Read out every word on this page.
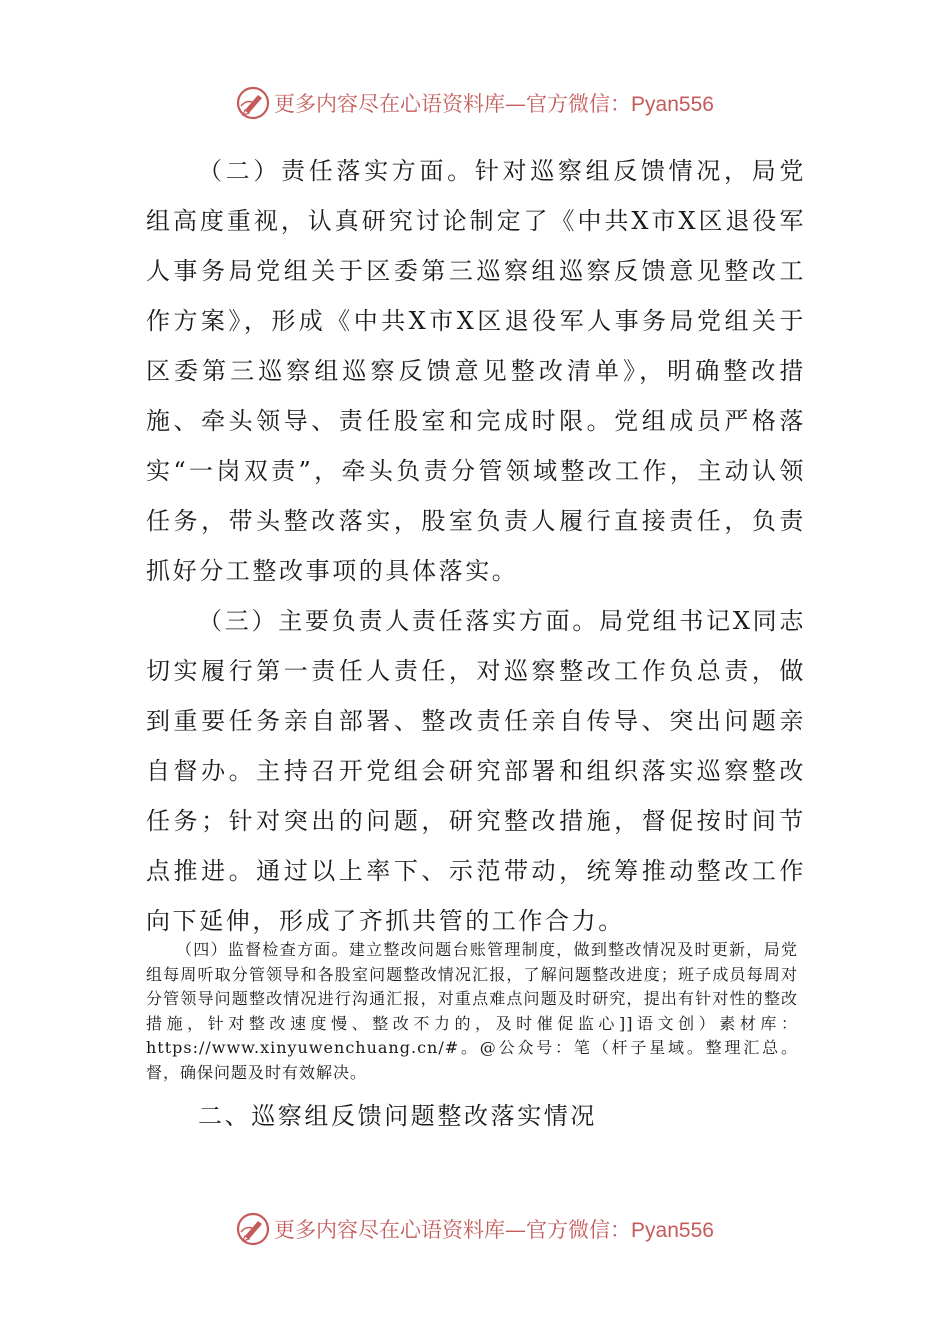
更多内容尽在心语资料库—官方微信：Pyan556

（二）责任落实方面。针对巡察组反馈情况，局党组高度重视，认真研究讨论制定了《中共X市X区退役军人事务局党组关于区委第三巡察组巡察反馈意见整改工作方案》，形成《中共X市X区退役军人事务局党组关于区委第三巡察组巡察反馈意见整改清单》，明确整改措施、牵头领导、责任股室和完成时限。党组成员严格落实“一岗双责”，牵头负责分管领域整改工作，主动认领任务，带头整改落实，股室负责人履行直接责任，负责抓好分工整改事项的具体落实。

（三）主要负责人责任落实方面。局党组书记X同志切实履行第一责任人责任，对巡察整改工作负总责，做到重要任务亲自部署、整改责任亲自传导、突出问题亲自督办。主持召开党组会研究部署和组织落实巡察整改任务；针对突出的问题，研究整改措施，督促按时间节点推进。通过以上率下、示范带动，统筹推动整改工作向下延伸，形成了齐抓共管的工作合力。

（四）监督检查方面。建立整改问题台账管理制度，做到整改情况及时更新，局党组每周听取分管领导和各股室问题整改情况汇报，了解问题整改进度；班子成员每周对分管领导问题整改情况进行沟通汇报，对重点难点问题及时研究，提出有针对性的整改措施，针对整改速度慢、整改不力的，及时催促监心]]语文创）素材库：https://www.xinyuwenchuang.cn/#。@公众号：笔（杆子星域。整理汇总。督，确保问题及时有效解决。

二、巡察组反馈问题整改落实情况

更多内容尽在心语资料库—官方微信：Pyan556
